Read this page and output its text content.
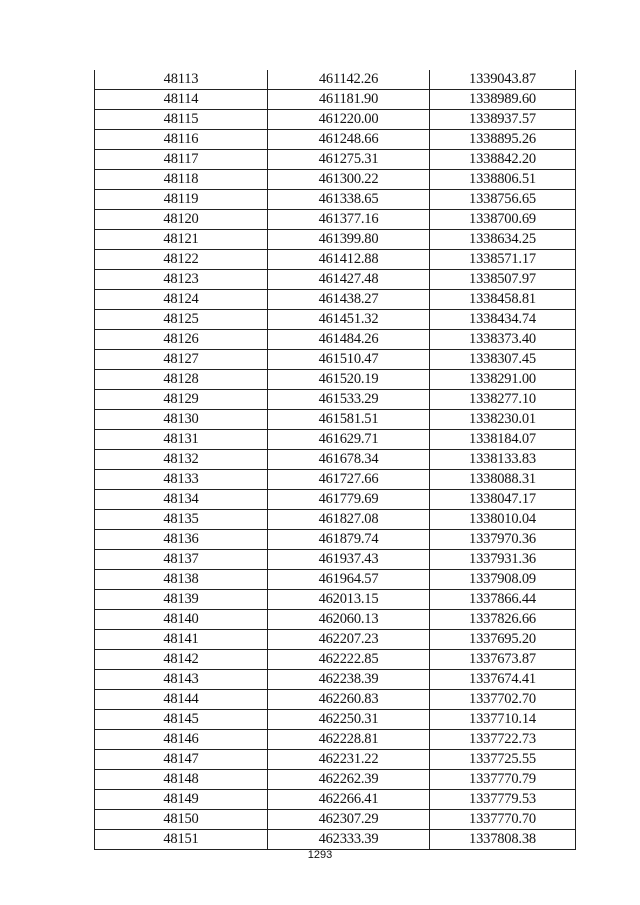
48113	461142.26	1339043.87
48114	461181.90	1338989.60
48115	461220.00	1338937.57
48116	461248.66	1338895.26
48117	461275.31	1338842.20
48118	461300.22	1338806.51
48119	461338.65	1338756.65
48120	461377.16	1338700.69
48121	461399.80	1338634.25
48122	461412.88	1338571.17
48123	461427.48	1338507.97
48124	461438.27	1338458.81
48125	461451.32	1338434.74
48126	461484.26	1338373.40
48127	461510.47	1338307.45
48128	461520.19	1338291.00
48129	461533.29	1338277.10
48130	461581.51	1338230.01
48131	461629.71	1338184.07
48132	461678.34	1338133.83
48133	461727.66	1338088.31
48134	461779.69	1338047.17
48135	461827.08	1338010.04
48136	461879.74	1337970.36
48137	461937.43	1337931.36
48138	461964.57	1337908.09
48139	462013.15	1337866.44
48140	462060.13	1337826.66
48141	462207.23	1337695.20
48142	462222.85	1337673.87
48143	462238.39	1337674.41
48144	462260.83	1337702.70
48145	462250.31	1337710.14
48146	462228.81	1337722.73
48147	462231.22	1337725.55
48148	462262.39	1337770.79
48149	462266.41	1337779.53
48150	462307.29	1337770.70
48151	462333.39	1337808.38
1293
